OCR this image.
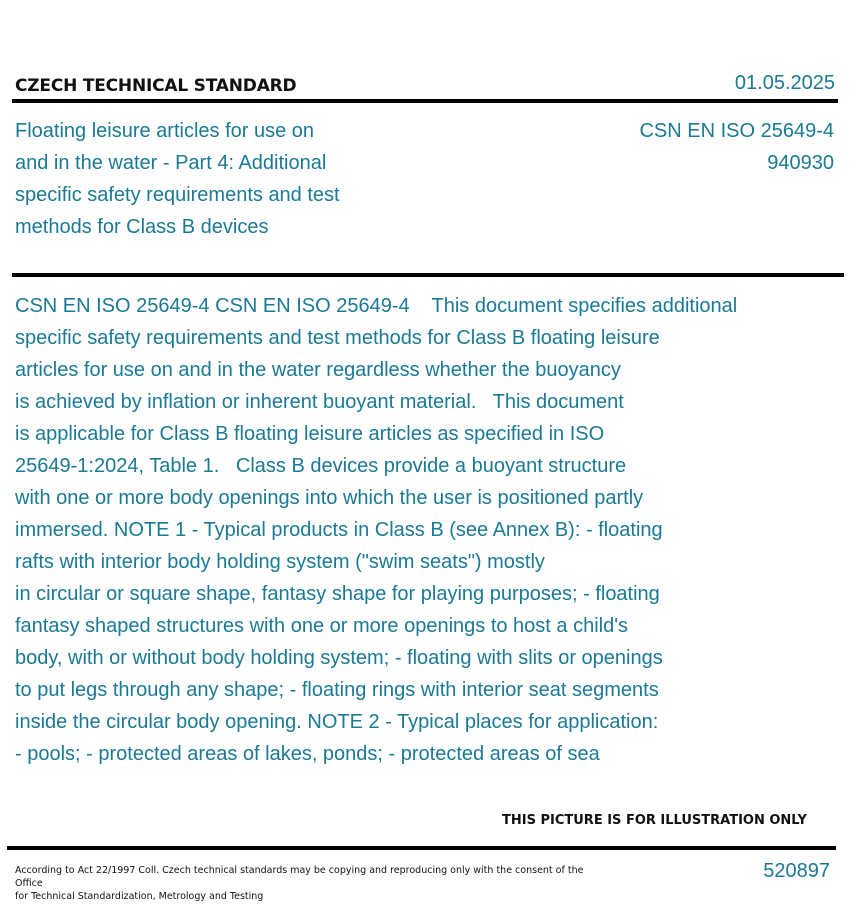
CZECH TECHNICAL STANDARD	01.05.2025
Floating leisure articles for use on
and in the water - Part 4: Additional
specific safety requirements and test
methods for Class B devices
CSN EN ISO 25649-4
940930
CSN EN ISO 25649-4 CSN EN ISO 25649-4    This document specifies additional
specific safety requirements and test methods for Class B floating leisure
articles for use on and in the water regardless whether the buoyancy
is achieved by inflation or inherent buoyant material.   This document
is applicable for Class B floating leisure articles as specified in ISO
25649-1:2024, Table 1.   Class B devices provide a buoyant structure
with one or more body openings into which the user is positioned partly
immersed. NOTE 1 - Typical products in Class B (see Annex B): - floating
rafts with interior body holding system ("swim seats") mostly
in circular or square shape, fantasy shape for playing purposes; - floating
fantasy shaped structures with one or more openings to host a child's
body, with or without body holding system; - floating with slits or openings
to put legs through any shape; - floating rings with interior seat segments
inside the circular body opening. NOTE 2 - Typical places for application:
- pools; - protected areas of lakes, ponds; - protected areas of sea
THIS PICTURE IS FOR ILLUSTRATION ONLY
According to Act 22/1997 Coll. Czech technical standards may be copying and reproducing only with the consent of the Office
for Technical Standardization, Metrology and Testing
520897
